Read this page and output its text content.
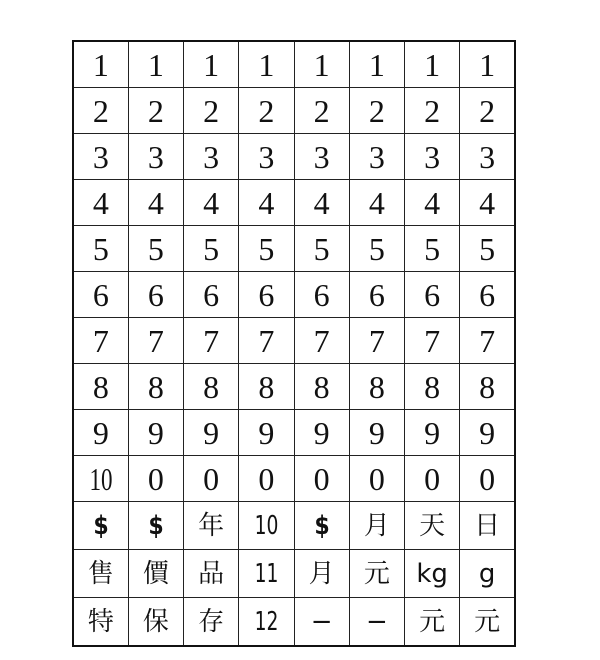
1	1	1	1	1	1	1	1
2	2	2	2	2	2	2	2
3	3	3	3	3	3	3	3
4	4	4	4	4	4	4	4
5	5	5	5	5	5	5	5
6	6	6	6	6	6	6	6
7	7	7	7	7	7	7	7
8	8	8	8	8	8	8	8
9	9	9	9	9	9	9	9
10	0	0	0	0	0	0	0
$	$	年	10	$	月	天	日
售	價	品	11	月	元	kg	g
特	保	存	12	−	−	元	元
